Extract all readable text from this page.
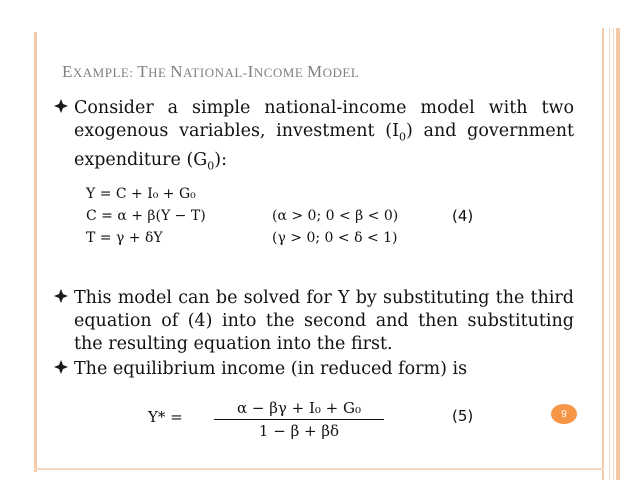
EXAMPLE: THE NATIONAL-INCOME MODEL
Consider a simple national-income model with two exogenous variables, investment $(I_0)$ and government expenditure $(G_0)$:
Y = C + I₀ + G₀
C = α + β(Y − T)	(α > 0; 0 < β < 0)
T = γ + δY	(γ > 0; 0 < δ < 1)
(4)
This model can be solved for Y by substituting the third equation of (4) into the second and then substituting the resulting equation into the first.
The equilibrium income (in reduced form) is
$Y* = \frac{\text{α − βγ + I₀ + G₀}}{1 - \beta + \beta\delta}$	(5)	9
